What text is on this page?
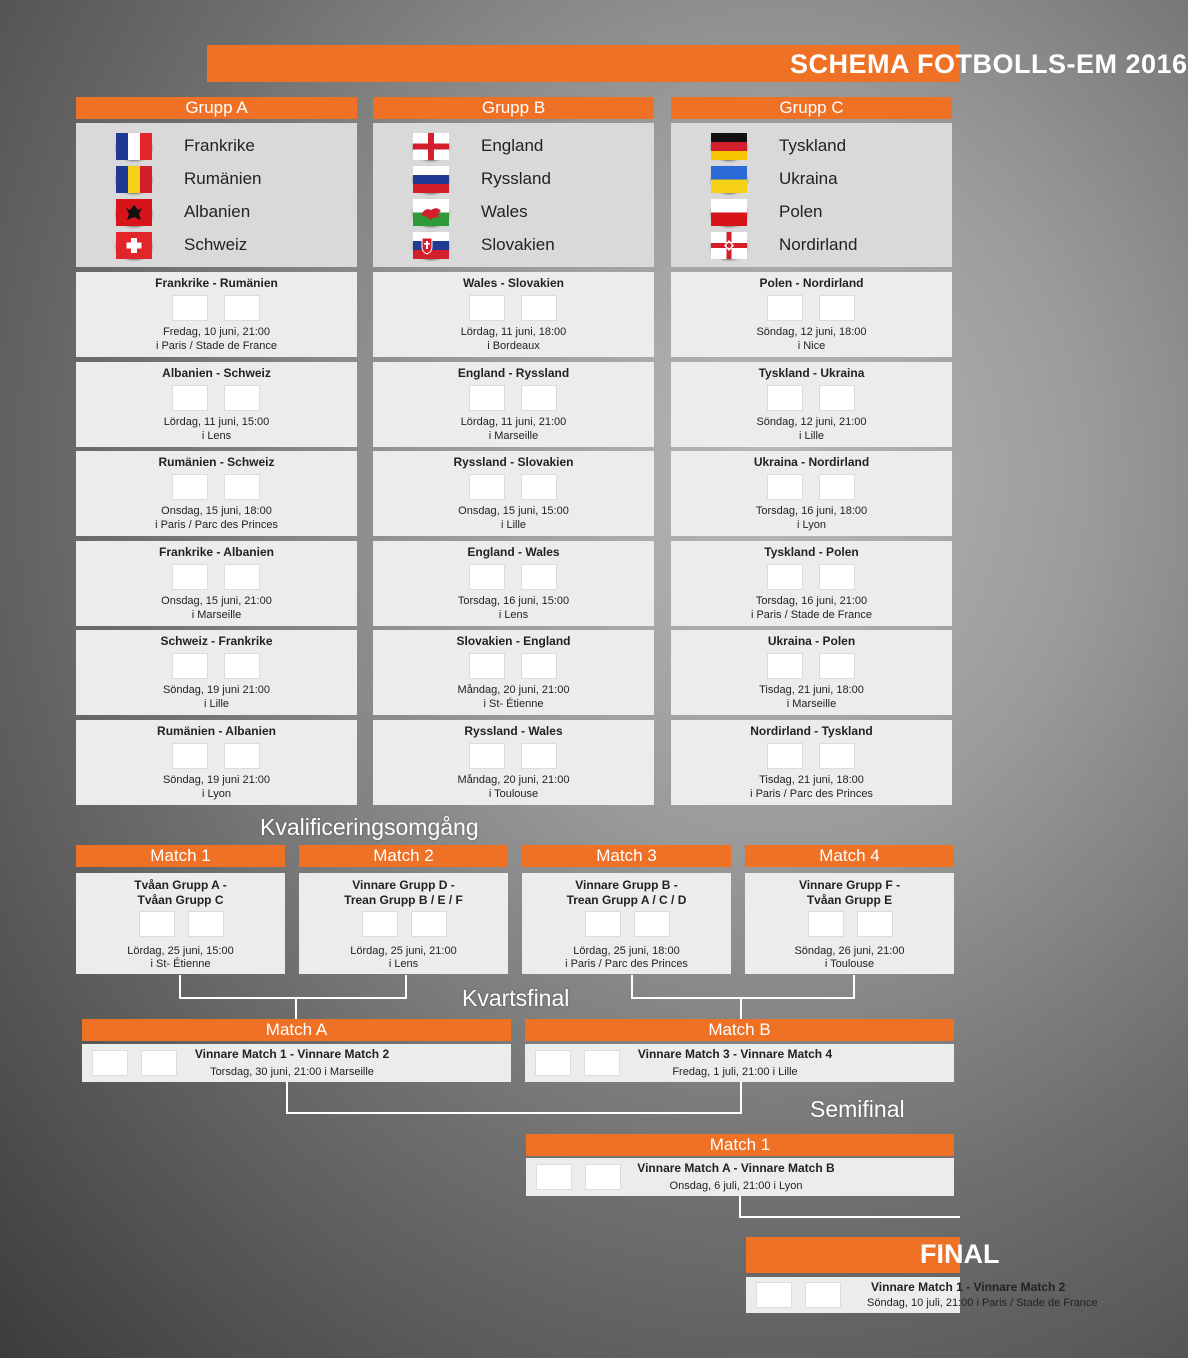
SCHEMA FOTBOLLS-EM 2016
Grupp A
Frankrike
Rumänien
Albanien
Schweiz
Frankrike - Rumänien
Fredag, 10 juni, 21:00
i Paris / Stade de France
Albanien - Schweiz
Lördag, 11 juni, 15:00
i Lens
Rumänien - Schweiz
Onsdag, 15 juni, 18:00
i Paris / Parc des Princes
Frankrike - Albanien
Onsdag, 15 juni, 21:00
i Marseille
Schweiz - Frankrike
Söndag, 19 juni 21:00
i Lille
Rumänien - Albanien
Söndag, 19 juni 21:00
i Lyon
Grupp B
England
Ryssland
Wales
Slovakien
Wales - Slovakien
Lördag, 11 juni, 18:00
i Bordeaux
England - Ryssland
Lördag, 11 juni, 21:00
i Marseille
Ryssland - Slovakien
Onsdag, 15 juni, 15:00
i Lille
England - Wales
Torsdag, 16 juni, 15:00
i Lens
Slovakien - England
Måndag, 20 juni, 21:00
i St- Étienne
Ryssland - Wales
Måndag, 20 juni, 21:00
i Toulouse
Grupp C
Tyskland
Ukraina
Polen
Nordirland
Polen - Nordirland
Söndag, 12 juni, 18:00
i Nice
Tyskland - Ukraina
Söndag, 12 juni, 21:00
i Lille
Ukraina - Nordirland
Torsdag, 16 juni, 18:00
i Lyon
Tyskland - Polen
Torsdag, 16 juni, 21:00
i Paris / Stade de France
Ukraina - Polen
Tisdag, 21 juni, 18:00
i Marseille
Nordirland - Tyskland
Tisdag, 21 juni, 18:00
i Paris / Parc des Princes
Kvalificeringsomgång
Match 1
Tvåan Grupp A -
Tvåan Grupp C
Lördag, 25 juni, 15:00
i St- Étienne
Match 2
Vinnare Grupp D -
Trean Grupp B / E / F
Lördag, 25 juni, 21:00
i Lens
Match 3
Vinnare Grupp B -
Trean Grupp A / C / D
Lördag, 25 juni, 18:00
i Paris / Parc des Princes
Match 4
Vinnare Grupp F -
Tvåan Grupp E
Söndag, 26 juni, 21:00
i Toulouse
Kvartsfinal
Match A
Vinnare Match 1 - Vinnare Match 2
Torsdag, 30 juni, 21:00 i Marseille
Match B
Vinnare Match 3 - Vinnare Match 4
Fredag, 1 juli, 21:00 i Lille
Semifinal
Match 1
Vinnare Match A - Vinnare Match B
Onsdag, 6 juli, 21:00 i Lyon
FINAL
Vinnare Match 1 - Vinnare Match 2
Söndag, 10 juli, 21:00 i Paris / Stade de France
